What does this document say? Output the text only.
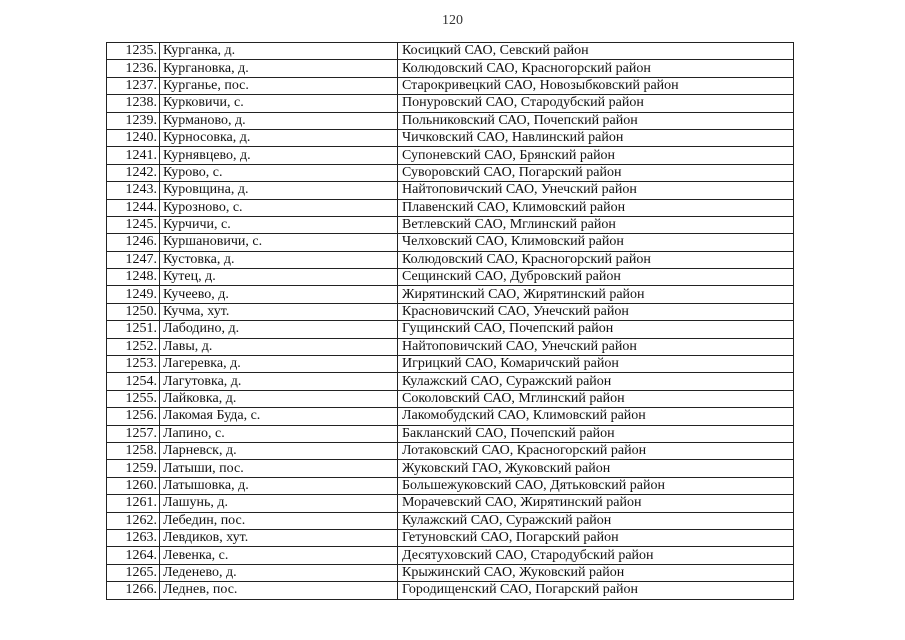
120
1235.	Курганка, д.	Косицкий САО, Севский район
1236.	Кургановка, д.	Колюдовский САО, Красногорский район
1237.	Курганье, пос.	Старокривецкий САО, Новозыбковский район
1238.	Курковичи, с.	Понуровский САО, Стародубский район
1239.	Курманово, д.	Польниковский САО, Почепский район
1240.	Курносовка, д.	Чичковский САО, Навлинский район
1241.	Курнявцево, д.	Супоневский САО, Брянский район
1242.	Курово, с.	Суворовский САО, Погарский район
1243.	Куровщина, д.	Найтоповичский САО, Унечский район
1244.	Курозново, с.	Плавенский САО, Климовский район
1245.	Курчичи, с.	Ветлевский САО, Мглинский район
1246.	Куршановичи, с.	Челховский САО, Климовский район
1247.	Кустовка, д.	Колюдовский САО, Красногорский район
1248.	Кутец, д.	Сещинский САО, Дубровский район
1249.	Кучеево, д.	Жирятинский САО, Жирятинский район
1250.	Кучма, хут.	Красновичский САО, Унечский район
1251.	Лабодино, д.	Гущинский САО, Почепский район
1252.	Лавы, д.	Найтоповичский САО, Унечский район
1253.	Лагеревка, д.	Игрицкий САО, Комаричский район
1254.	Лагутовка, д.	Кулажский САО, Суражский район
1255.	Лайковка, д.	Соколовский САО, Мглинский район
1256.	Лакомая Буда, с.	Лакомобудский САО, Климовский район
1257.	Лапино, с.	Бакланский САО, Почепский район
1258.	Ларневск, д.	Лотаковский САО, Красногорский район
1259.	Латыши, пос.	Жуковский ГАО, Жуковский район
1260.	Латышовка, д.	Большежуковский САО, Дятьковский район
1261.	Лашунь, д.	Морачевский САО, Жирятинский район
1262.	Лебедин, пос.	Кулажский САО, Суражский район
1263.	Левдиков, хут.	Гетуновский САО, Погарский район
1264.	Левенка, с.	Десятуховский САО, Стародубский район
1265.	Леденево, д.	Крыжинский САО, Жуковский район
1266.	Леднев, пос.	Городищенский САО, Погарский район
